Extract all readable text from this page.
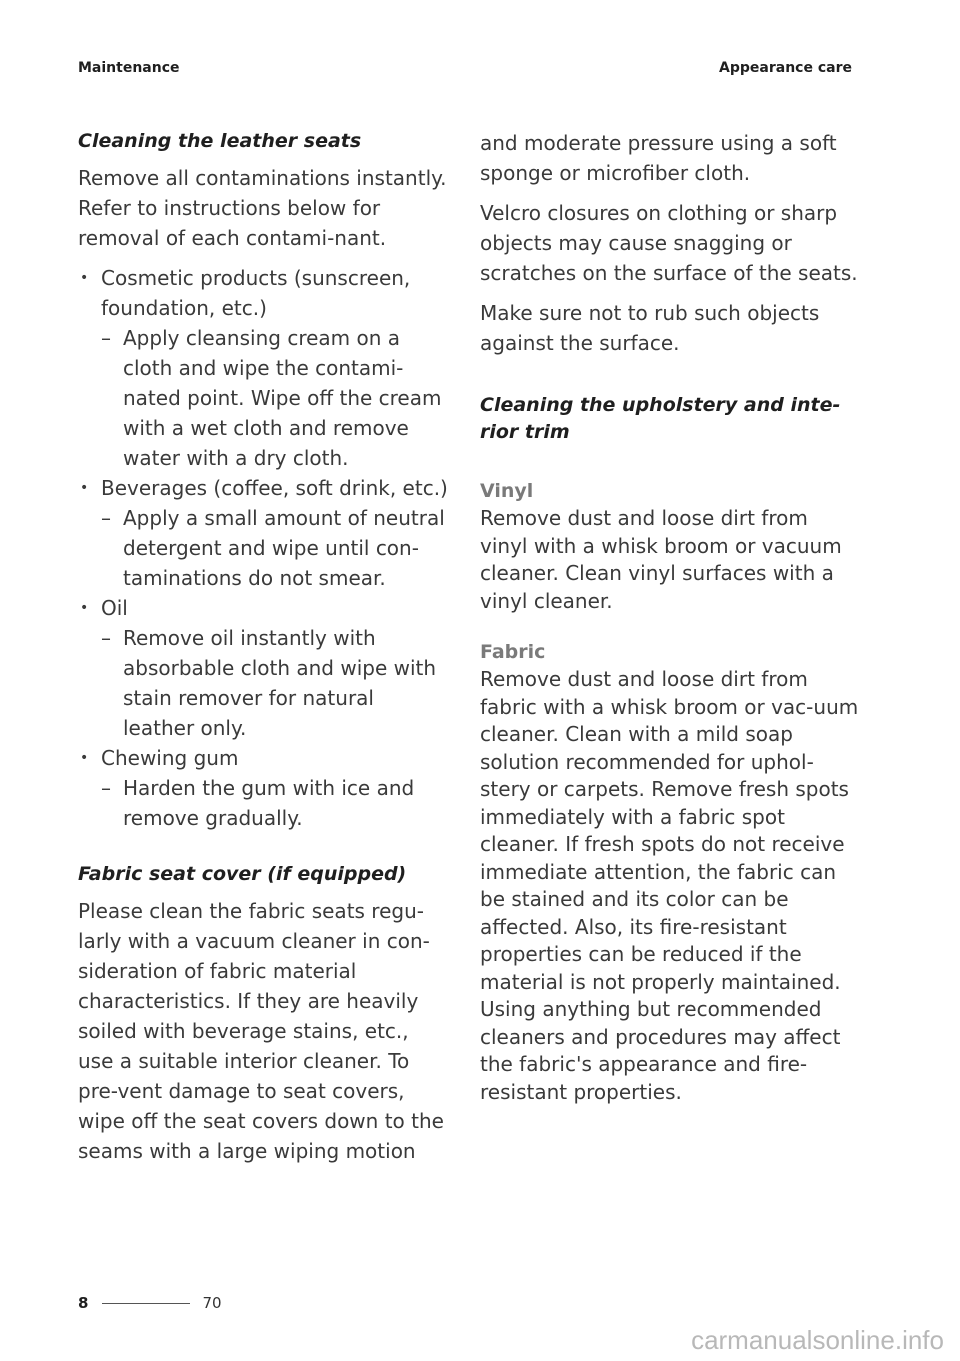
Maintenance	Appearance care
Cleaning the leather seats

Remove all contaminations instantly. Refer to instructions below for removal of each contami-nant.

• Cosmetic products (sunscreen, foundation, etc.)
– Apply cleansing cream on a cloth and wipe the contami-nated point. Wipe off the cream with a wet cloth and remove water with a dry cloth.
• Beverages (coffee, soft drink, etc.)
– Apply a small amount of neutral detergent and wipe until con-taminations do not smear.
• Oil
– Remove oil instantly with absorbable cloth and wipe with stain remover for natural leather only.
• Chewing gum
– Harden the gum with ice and remove gradually.
Fabric seat cover (if equipped)

Please clean the fabric seats regu-larly with a vacuum cleaner in con-sideration of fabric material characteristics. If they are heavily soiled with beverage stains, etc., use a suitable interior cleaner. To pre-vent damage to seat covers, wipe off the seat covers down to the seams with a large wiping motion

and moderate pressure using a soft sponge or microfiber cloth.

Velcro closures on clothing or sharp objects may cause snagging or scratches on the surface of the seats.

Make sure not to rub such objects against the surface.

Cleaning the upholstery and inte-rior trim
Vinyl

Remove dust and loose dirt from vinyl with a whisk broom or vacuum cleaner. Clean vinyl surfaces with a vinyl cleaner.

Fabric

Remove dust and loose dirt from fabric with a whisk broom or vac-uum cleaner. Clean with a mild soap solution recommended for uphol-stery or carpets. Remove fresh spots immediately with a fabric spot cleaner. If fresh spots do not receive immediate attention, the fabric can be stained and its color can be affected. Also, its fire-resistant properties can be reduced if the material is not properly maintained. Using anything but recommended cleaners and procedures may affect the fabric's appearance and fire-resistant properties.

8	70
carmanualsonline.info
